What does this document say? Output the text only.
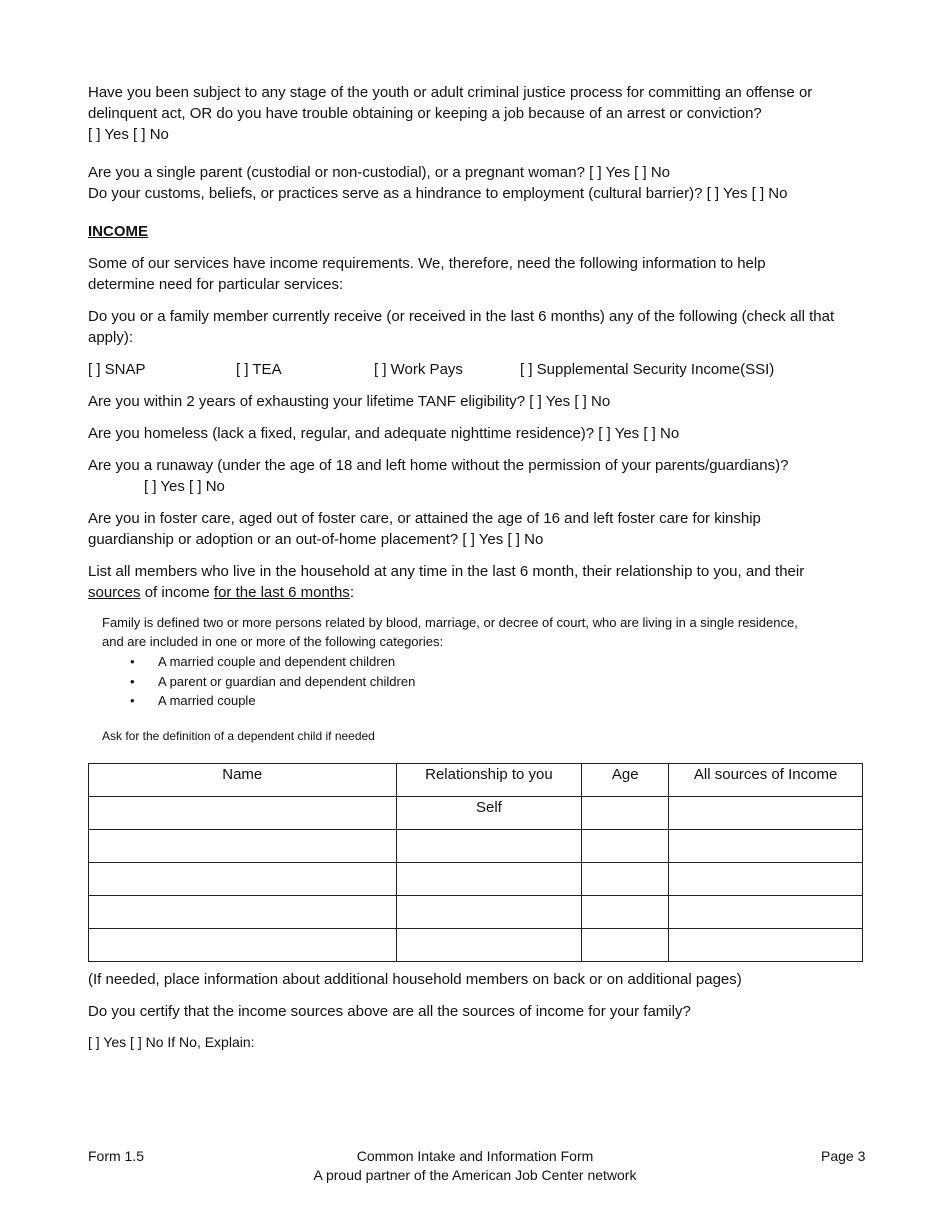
Have you been subject to any stage of the youth or adult criminal justice process for committing an offense or
delinquent act, OR do you have trouble obtaining or keeping a job because of an arrest or conviction?
[ ] Yes [ ] No

Are you a single parent (custodial or non-custodial), or a pregnant woman? [ ] Yes [ ] No
Do your customs, beliefs, or practices serve as a hindrance to employment (cultural barrier)? [ ] Yes [ ] No

INCOME

Some of our services have income requirements. We, therefore, need the following information to help
determine need for particular services:

Do you or a family member currently receive (or received in the last 6 months) any of the following (check all that
apply):

[ ] SNAP	[ ] TEA	[ ] Work Pays	[ ] Supplemental Security Income(SSI)

Are you within 2 years of exhausting your lifetime TANF eligibility? [ ] Yes [ ] No

Are you homeless (lack a fixed, regular, and adequate nighttime residence)? [ ] Yes [ ] No

Are you a runaway (under the age of 18 and left home without the permission of your parents/guardians)?
[ ] Yes [ ] No

Are you in foster care, aged out of foster care, or attained the age of 16 and left foster care for kinship
guardianship or adoption or an out-of-home placement? [ ] Yes [ ] No

List all members who live in the household at any time in the last 6 month, their relationship to you, and their
sources of income for the last 6 months:

Family is defined two or more persons related by blood, marriage, or decree of court, who are living in a single residence,
and are included in one or more of the following categories:

• A married couple and dependent children
• A parent or guardian and dependent children
• A married couple
Ask for the definition of a dependent child if needed
Name	Relationship to you	Age	All sources of Income
	Self		

(If needed, place information about additional household members on back or on additional pages)

Do you certify that the income sources above are all the sources of income for your family?

[ ] Yes [ ] No If No, Explain:

Form 1.5	Common Intake and Information Form
A proud partner of the American Job Center network
Page 3
